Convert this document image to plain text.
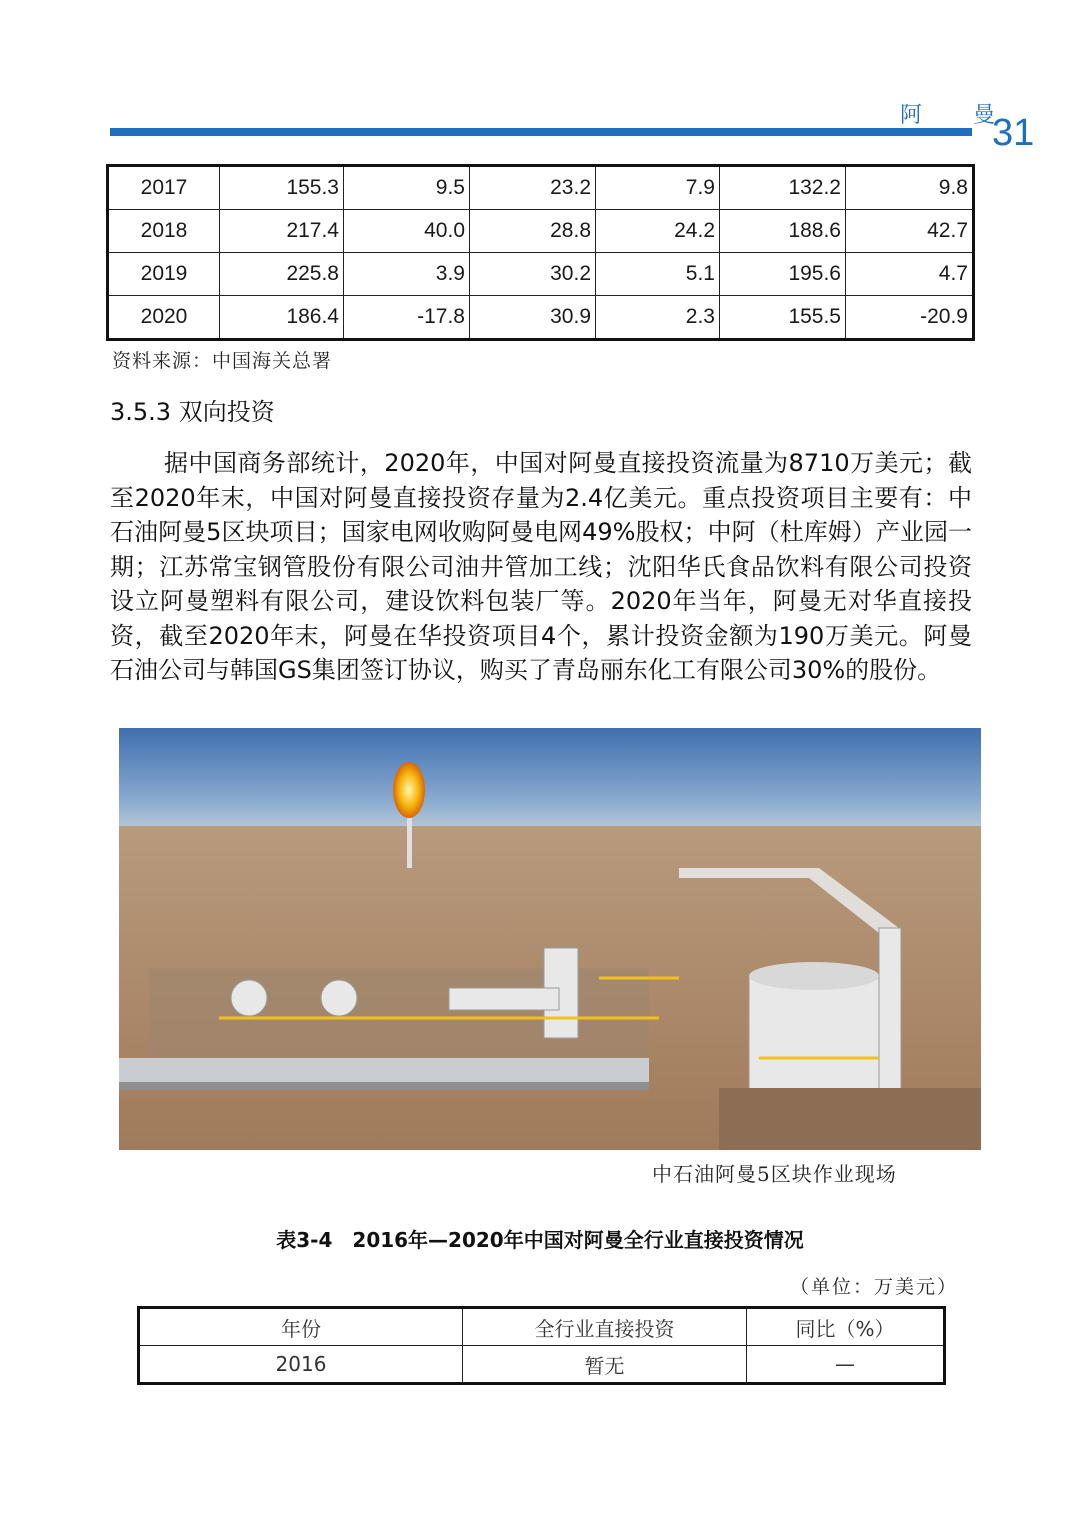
阿 曼
31
2017	155.3	9.5	23.2	7.9	132.2	9.8
2018	217.4	40.0	28.8	24.2	188.6	42.7
2019	225.8	3.9	30.2	5.1	195.6	4.7
2020	186.4	-17.8	30.9	2.3	155.5	-20.9
资料来源：中国海关总署
3.5.3 双向投资
据中国商务部统计，2020年，中国对阿曼直接投资流量为8710万美元；截至2020年末，中国对阿曼直接投资存量为2.4亿美元。重点投资项目主要有：中石油阿曼5区块项目；国家电网收购阿曼电网49%股权；中阿（杜库姆）产业园一期；江苏常宝钢管股份有限公司油井管加工线；沈阳华氏食品饮料有限公司投资设立阿曼塑料有限公司，建设饮料包装厂等。2020年当年，阿曼无对华直接投资，截至2020年末，阿曼在华投资项目4个，累计投资金额为190万美元。阿曼石油公司与韩国GS集团签订协议，购买了青岛丽东化工有限公司30%的股份。
中石油阿曼5区块作业现场
表3-4　2016年—2020年中国对阿曼全行业直接投资情况
（单位：万美元）
年份	全行业直接投资	同比（%）
2016	暂无	—
